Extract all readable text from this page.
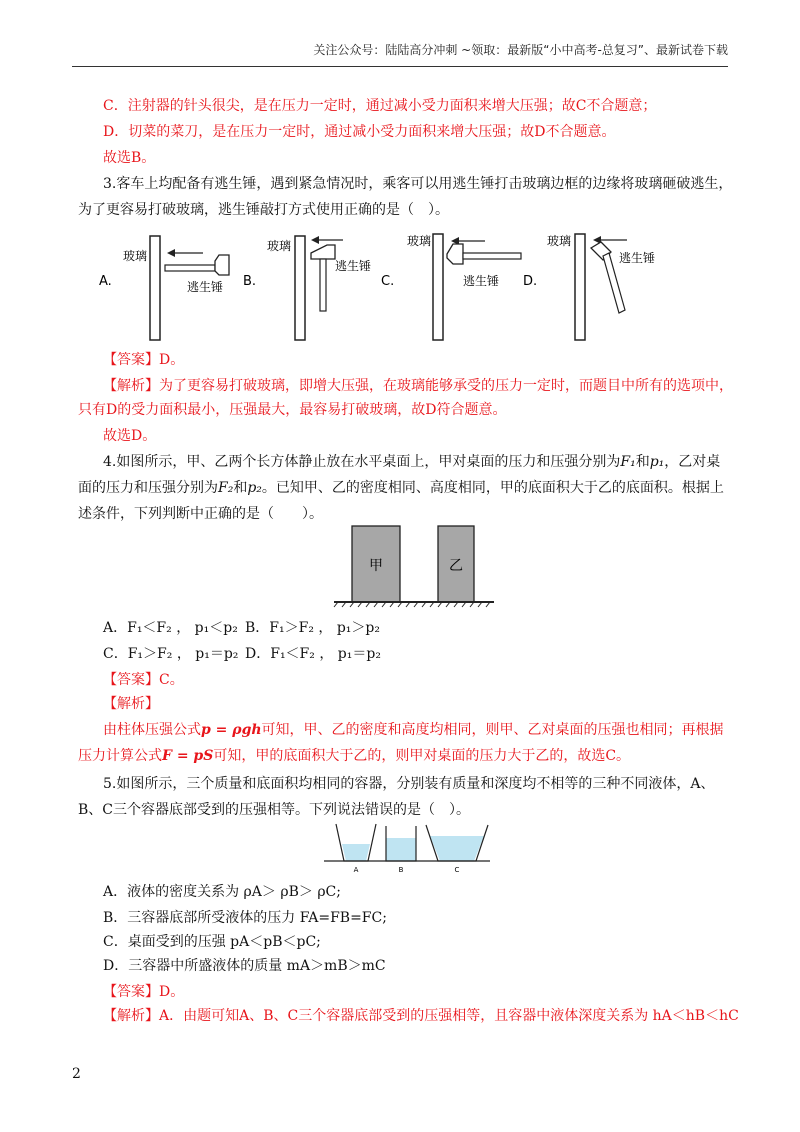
关注公众号：陆陆高分冲刺 ~领取：最新版“小中高考-总复习”、最新试卷下载
C．注射器的针头很尖，是在压力一定时，通过减小受力面积来增大压强；故C不合题意；
D．切菜的菜刀，是在压力一定时，通过减小受力面积来增大压强；故D不合题意。
故选B。
3.客车上均配备有逃生锤，遇到紧急情况时，乘客可以用逃生锤打击玻璃边框的边缘将玻璃砸破逃生，
为了更容易打破玻璃，逃生锤敲打方式使用正确的是（　）。
A.
玻璃
逃生锤 B.
玻璃
逃生锤
C.
玻璃
逃生锤 D.
玻璃
逃生锤
【答案】D。
【解析】为了更容易打破玻璃，即增大压强，在玻璃能够承受的压力一定时，而题目中所有的选项中，
只有D的受力面积最小，压强最大，最容易打破玻璃，故D符合题意。
故选D。
4.如图所示，甲、乙两个长方体静止放在水平桌面上，甲对桌面的压力和压强分别为F₁和p₁，乙对桌
面的压力和压强分别为F₂和p₂。已知甲、乙的密度相同、高度相同，甲的底面积大于乙的底面积。根据上
述条件，下列判断中正确的是（　　）。
甲	乙
A．F₁＜F₂ ， p₁＜p₂ B．F₁＞F₂ ， p₁＞p₂
C．F₁＞F₂ ， p₁＝p₂ D．F₁＜F₂ ， p₁＝p₂
【答案】C。
【解析】
由柱体压强公式p = ρgh可知，甲、乙的密度和高度均相同，则甲、乙对桌面的压强也相同；再根据
压力计算公式F = pS可知，甲的底面积大于乙的，则甲对桌面的压力大于乙的，故选C。
5.如图所示，三个质量和底面积均相同的容器，分别装有质量和深度均不相等的三种不同液体，A、
B、C三个容器底部受到的压强相等。下列说法错误的是（　）。
A	B	C
A．液体的密度关系为 ρA＞ ρB＞ ρC;
B．三容器底部所受液体的压力 FA=FB=FC;
C．桌面受到的压强 pA＜pB＜pC;
D．三容器中所盛液体的质量 mA＞mB＞mC
【答案】D。
【解析】A．由题可知A、B、C三个容器底部受到的压强相等，且容器中液体深度关系为 hA＜hB＜hC
2
